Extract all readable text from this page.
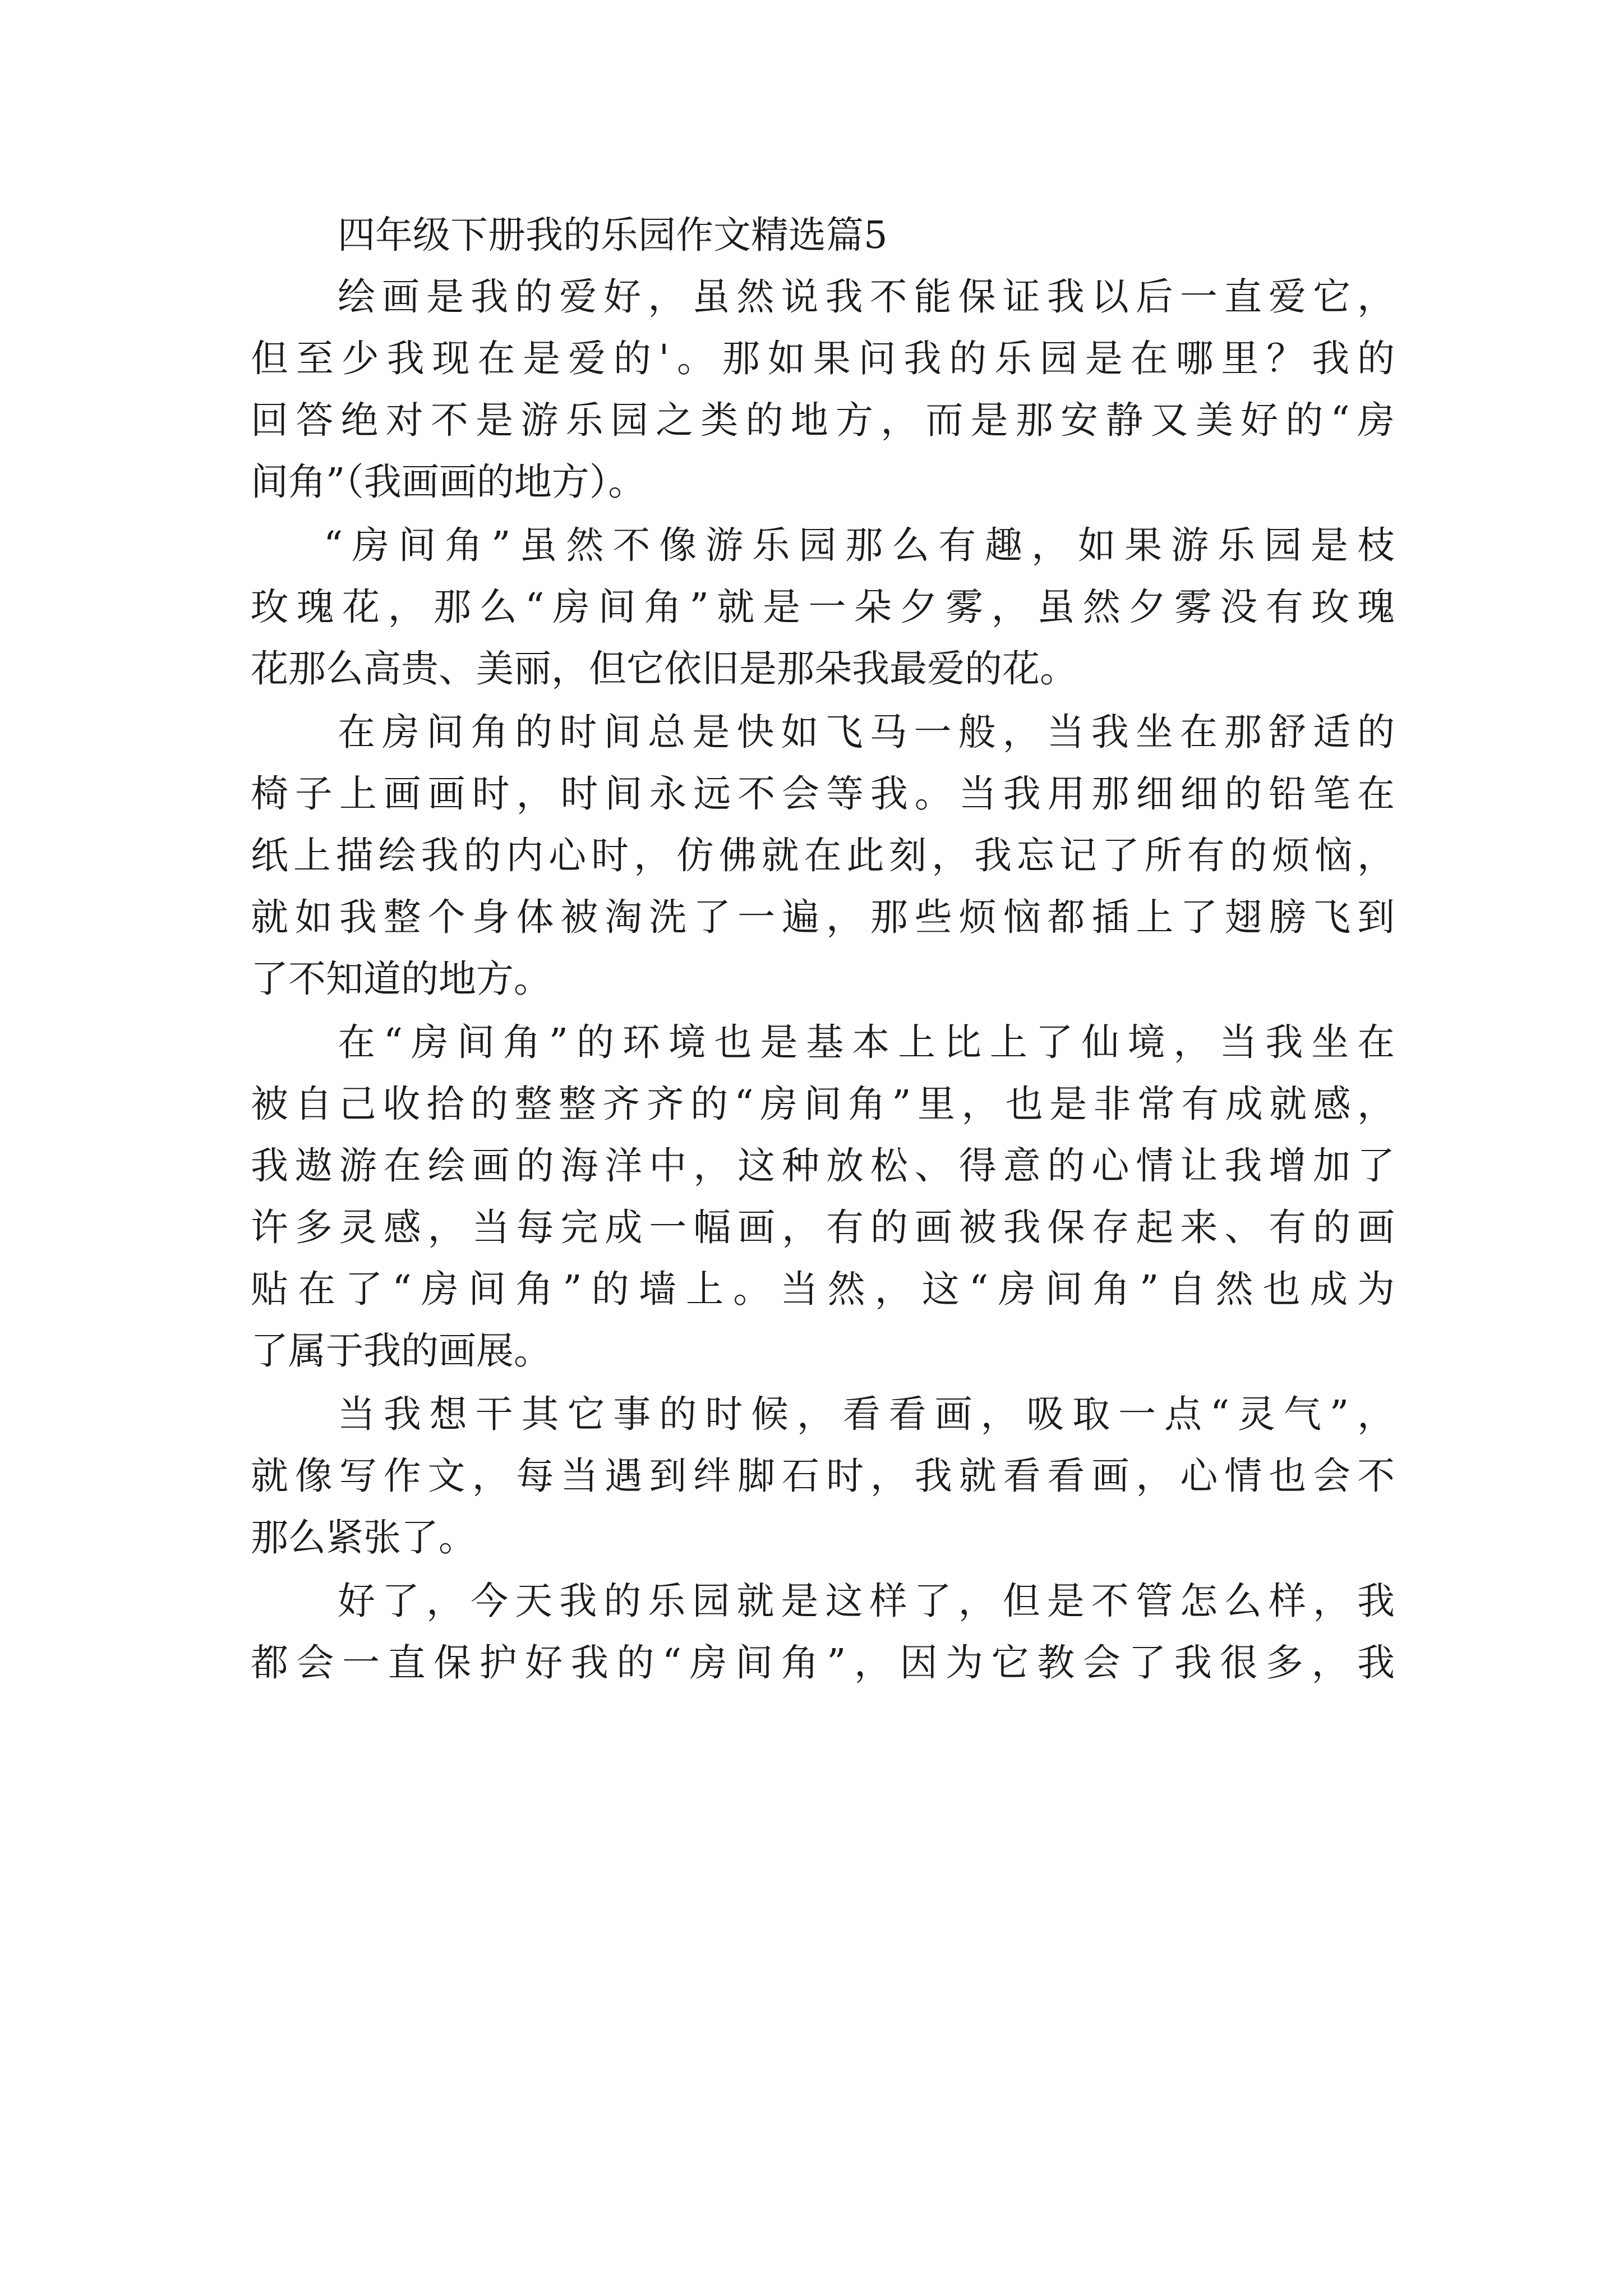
四年级下册我的乐园作文精选篇5
绘画是我的爱好，虽然说我不能保证我以后一直爱它，
但至少我现在是爱的'。那如果问我的乐园是在哪里？我的
回答绝对不是游乐园之类的地方，而是那安静又美好的“房
间角”（我画画的地方）。
“房间角”虽然不像游乐园那么有趣，如果游乐园是枝
玫瑰花，那么“房间角”就是一朵夕雾，虽然夕雾没有玫瑰
花那么高贵、美丽，但它依旧是那朵我最爱的花。
在房间角的时间总是快如飞马一般，当我坐在那舒适的
椅子上画画时，时间永远不会等我。当我用那细细的铅笔在
纸上描绘我的内心时，仿佛就在此刻，我忘记了所有的烦恼，
就如我整个身体被淘洗了一遍，那些烦恼都插上了翅膀飞到
了不知道的地方。
在“房间角”的环境也是基本上比上了仙境，当我坐在
被自己收拾的整整齐齐的“房间角”里，也是非常有成就感，
我遨游在绘画的海洋中，这种放松、得意的心情让我增加了
许多灵感，当每完成一幅画，有的画被我保存起来、有的画
贴在了“房间角”的墙上。当然，这“房间角”自然也成为
了属于我的画展。
当我想干其它事的时候，看看画，吸取一点“灵气”，
就像写作文，每当遇到绊脚石时，我就看看画，心情也会不
那么紧张了。
好了，今天我的乐园就是这样了，但是不管怎么样，我
都会一直保护好我的“房间角”，因为它教会了我很多，我
